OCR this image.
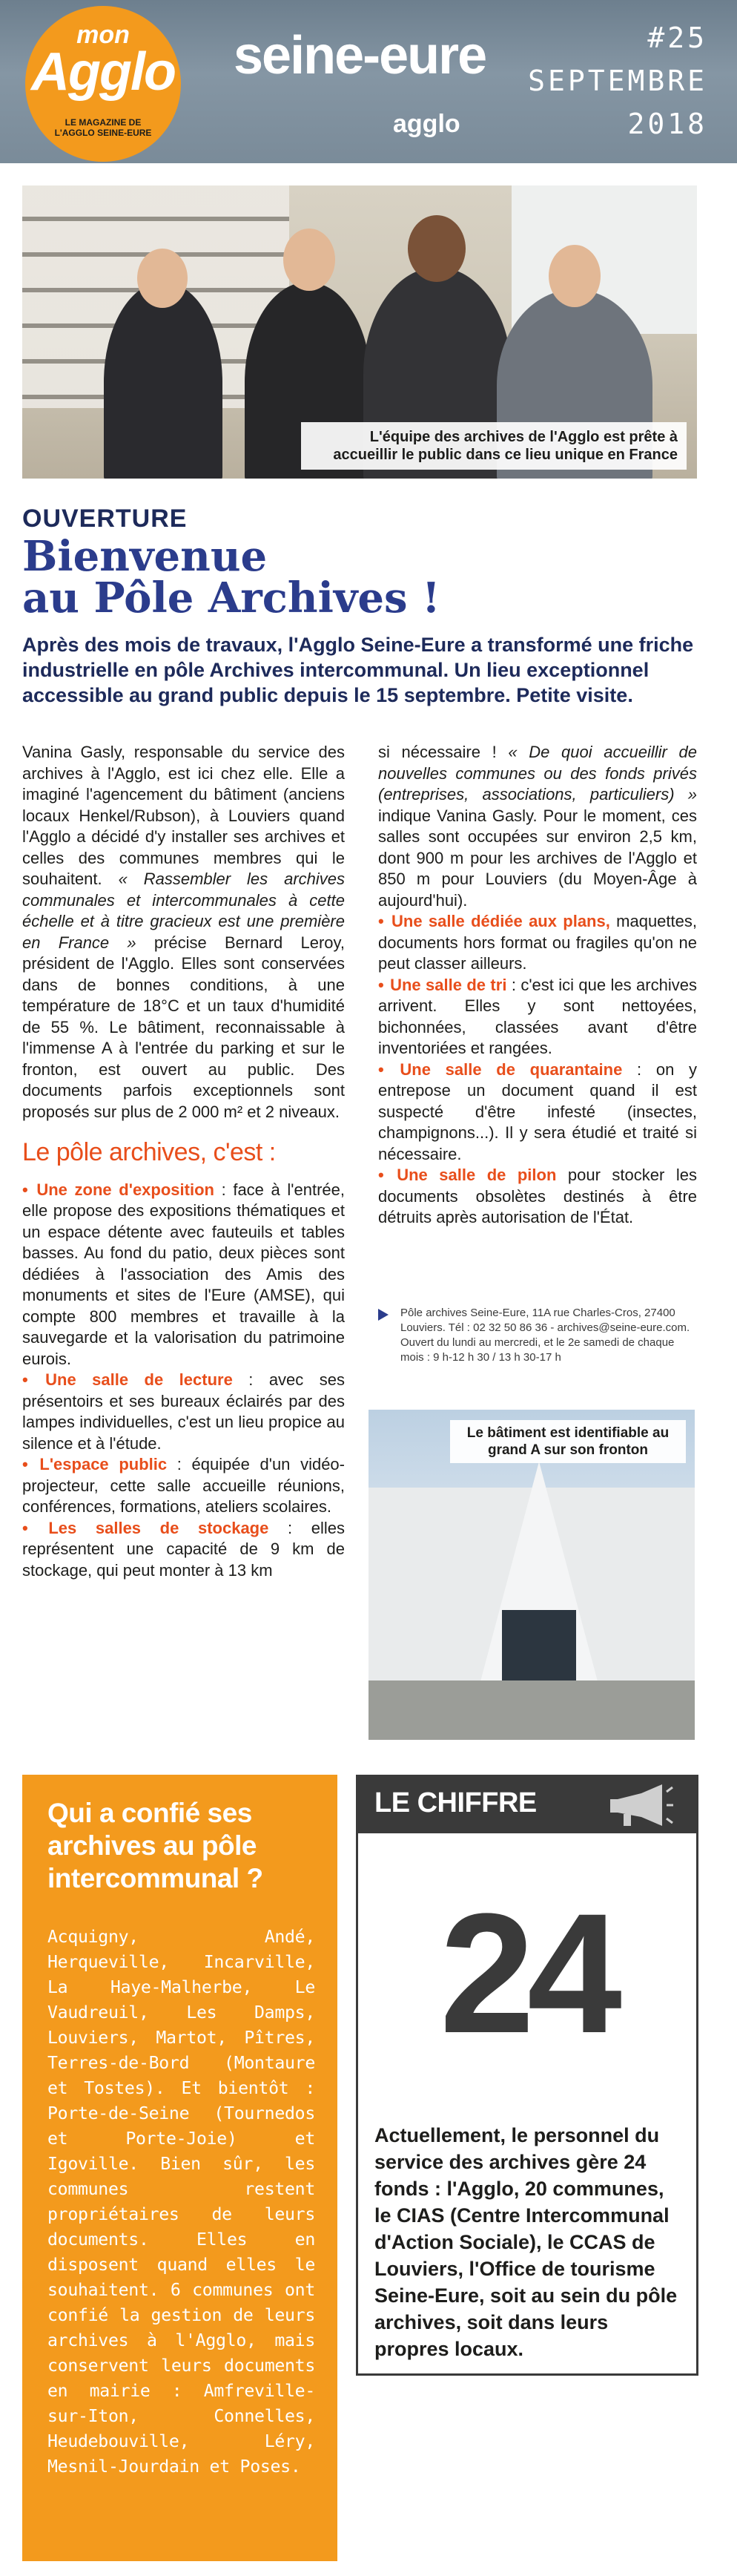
mon
Agglo
LE MAGAZINE DE L'AGGLO SEINE-EURE
seine-eure
agglo
#25
SEPTEMBRE
2018
L'équipe des archives de l'Agglo est prête à accueillir le public dans ce lieu unique en France
OUVERTURE
Bienvenue
au Pôle Archives !
Après des mois de travaux, l'Agglo Seine-Eure a transformé une friche industrielle en pôle Archives intercommunal. Un lieu exceptionnel accessible au grand public depuis le 15 septembre. Petite visite.

Vanina Gasly, responsable du service des archives à l'Agglo, est ici chez elle. Elle a imaginé l'agencement du bâtiment (anciens locaux Henkel/Rubson), à Louviers quand l'Agglo a décidé d'y installer ses archives et celles des communes membres qui le souhaitent. « Rassembler les archives communales et intercommunales à cette échelle et à titre gracieux est une première en France » précise Bernard Leroy, président de l'Agglo. Elles sont conservées dans de bonnes conditions, à une température de 18°C et un taux d'humidité de 55 %. Le bâtiment, reconnaissable à l'immense A à l'entrée du parking et sur le fronton, est ouvert au public. Des documents parfois exceptionnels sont proposés sur plus de 2 000 m² et 2 niveaux.

Le pôle archives, c'est :

• Une zone d'exposition : face à l'entrée, elle propose des expositions thématiques et un espace détente avec fauteuils et tables basses. Au fond du patio, deux pièces sont dédiées à l'association des Amis des monuments et sites de l'Eure (AMSE), qui compte 800 membres et travaille à la sauvegarde et la valorisation du patrimoine eurois.

• Une salle de lecture : avec ses présentoirs et ses bureaux éclairés par des lampes individuelles, c'est un lieu propice au silence et à l'étude.

• L'espace public : équipée d'un vidéo-projecteur, cette salle accueille réunions, conférences, formations, ateliers scolaires.

• Les salles de stockage : elles représentent une capacité de 9 km de stockage, qui peut monter à 13 km

si nécessaire ! « De quoi accueillir de nouvelles communes ou des fonds privés (entreprises, associations, particuliers) » indique Vanina Gasly. Pour le moment, ces salles sont occupées sur environ 2,5 km, dont 900 m pour les archives de l'Agglo et 850 m pour Louviers (du Moyen-Âge à aujourd'hui).

• Une salle dédiée aux plans, maquettes, documents hors format ou fragiles qu'on ne peut classer ailleurs.

• Une salle de tri : c'est ici que les archives arrivent. Elles y sont nettoyées, bichonnées, classées avant d'être inventoriées et rangées.

• Une salle de quarantaine : on y entrepose un document quand il est suspecté d'être infesté (insectes, champignons...). Il y sera étudié et traité si nécessaire.

• Une salle de pilon pour stocker les documents obsolètes destinés à être détruits après autorisation de l'État.

Pôle archives Seine-Eure, 11A rue Charles-Cros, 27400 Louviers. Tél : 02 32 50 86 36 - archives@seine-eure.com. Ouvert du lundi au mercredi, et le 2e samedi de chaque mois : 9 h-12 h 30 / 13 h 30-17 h
Le bâtiment est identifiable au grand A sur son fronton
Qui a confié ses archives au pôle intercommunal ?
Acquigny, Andé, Herqueville, Incarville, La Haye-Malherbe, Le Vaudreuil, Les Damps, Louviers, Martot, Pîtres, Terres-de-Bord (Montaure et Tostes). Et bientôt : Porte-de-Seine (Tournedos et Porte-Joie) et Igoville. Bien sûr, les communes restent propriétaires de leurs documents. Elles en disposent quand elles le souhaitent. 6 communes ont confié la gestion de leurs archives à l'Agglo, mais conservent leurs documents en mairie : Amfreville-sur-Iton, Connelles, Heudebouville, Léry, Mesnil-Jourdain et Poses.
LE CHIFFRE
24
Actuellement, le personnel du service des archives gère 24 fonds : l'Agglo, 20 communes, le CIAS (Centre Intercommunal d'Action Sociale), le CCAS de Louviers, l'Office de tourisme Seine-Eure, soit au sein du pôle archives, soit dans leurs propres locaux.
